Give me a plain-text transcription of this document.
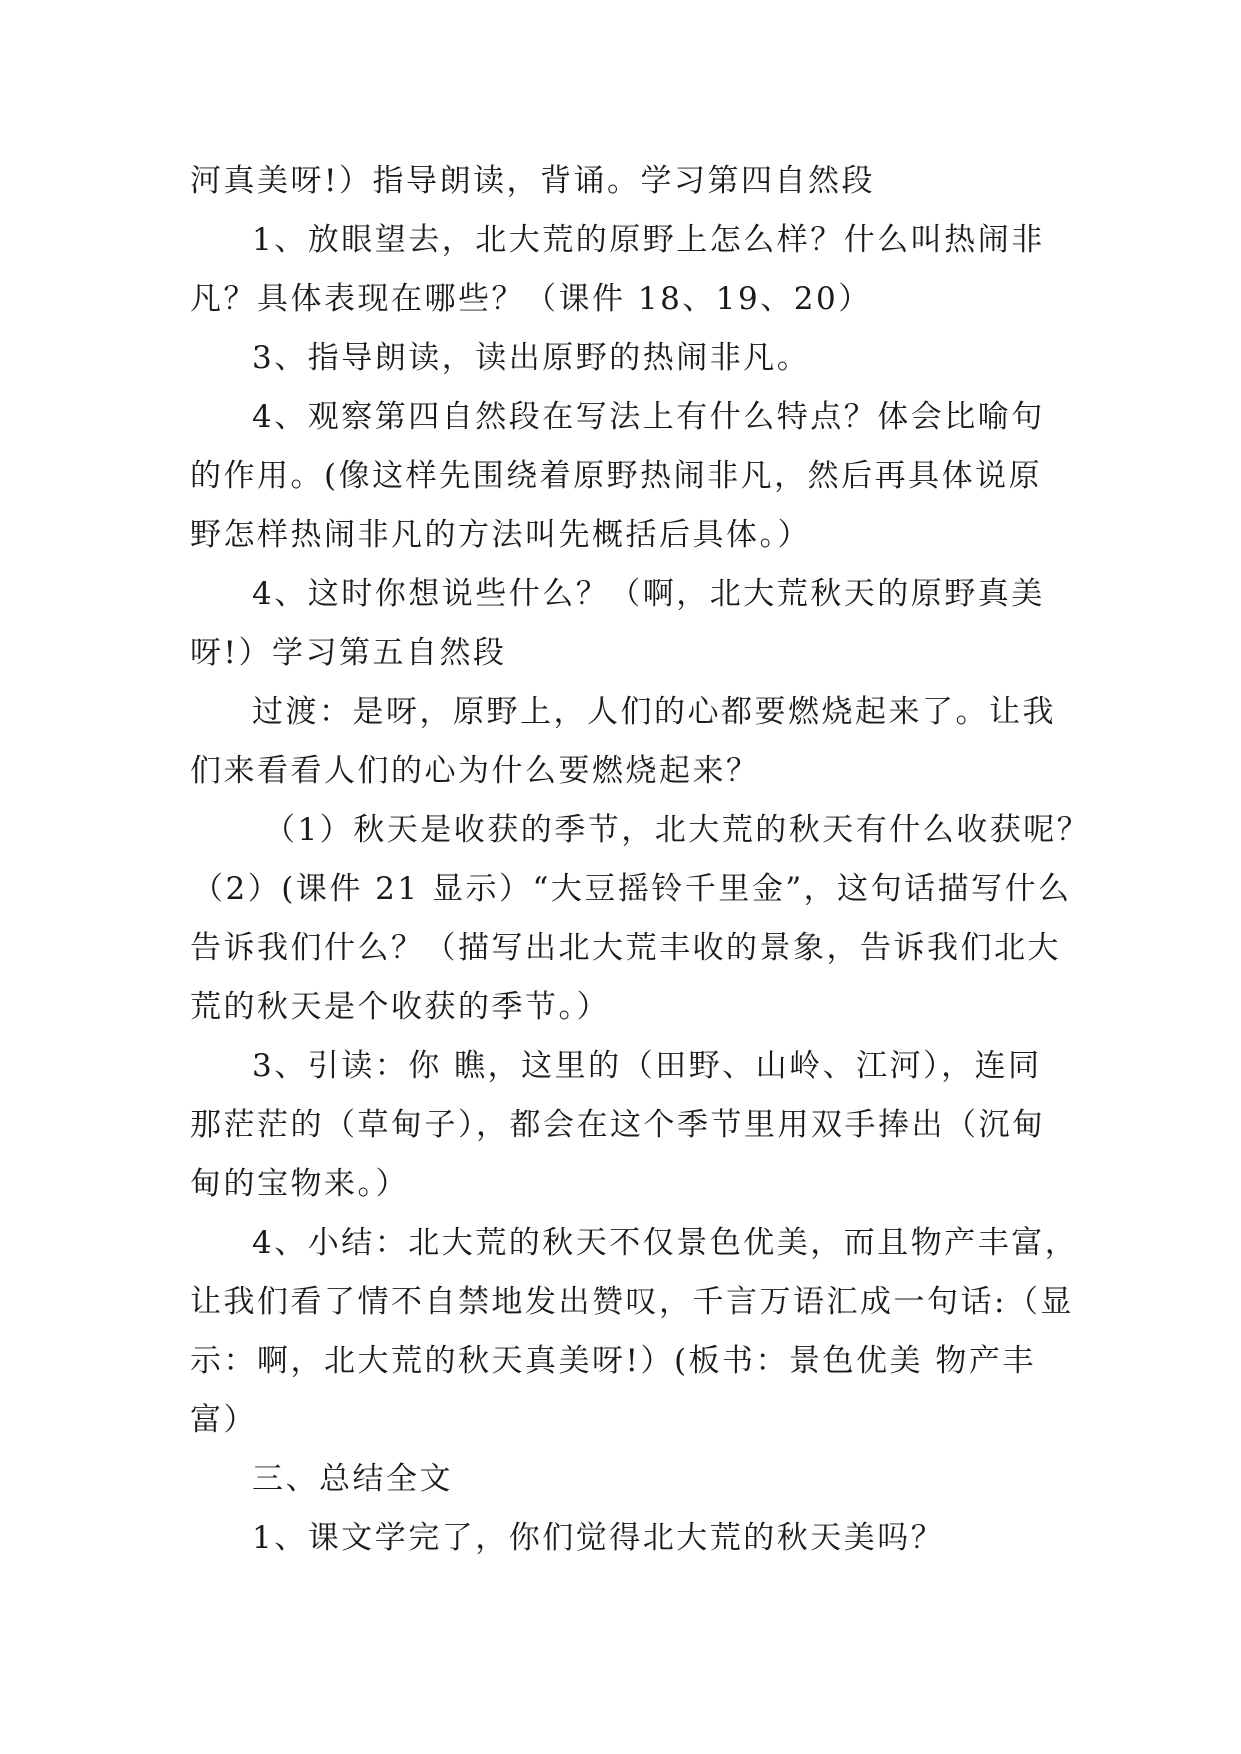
河真美呀!）指导朗读，背诵。学习第四自然段
1、放眼望去，北大荒的原野上怎么样？什么叫热闹非
凡？具体表现在哪些？（课件 18、19、20）
3、指导朗读，读出原野的热闹非凡。
4、观察第四自然段在写法上有什么特点？体会比喻句
的作用。(像这样先围绕着原野热闹非凡，然后再具体说原
野怎样热闹非凡的方法叫先概括后具体。）
4、这时你想说些什么？（啊，北大荒秋天的原野真美
呀!）学习第五自然段
过渡：是呀，原野上，人们的心都要燃烧起来了。让我
们来看看人们的心为什么要燃烧起来？
（1）秋天是收获的季节，北大荒的秋天有什么收获呢？
（2）(课件 21 显示）“大豆摇铃千里金”，这句话描写什么
告诉我们什么？（描写出北大荒丰收的景象，告诉我们北大
荒的秋天是个收获的季节。）
3、引读：你 瞧，这里的（田野、山岭、江河），连同
那茫茫的（草甸子），都会在这个季节里用双手捧出（沉甸
甸的宝物来。）
4、小结：北大荒的秋天不仅景色优美，而且物产丰富，
让我们看了情不自禁地发出赞叹，千言万语汇成一句话:（显
示：啊，北大荒的秋天真美呀!）(板书：景色优美 物产丰
富）
三、总结全文
1、课文学完了，你们觉得北大荒的秋天美吗？
